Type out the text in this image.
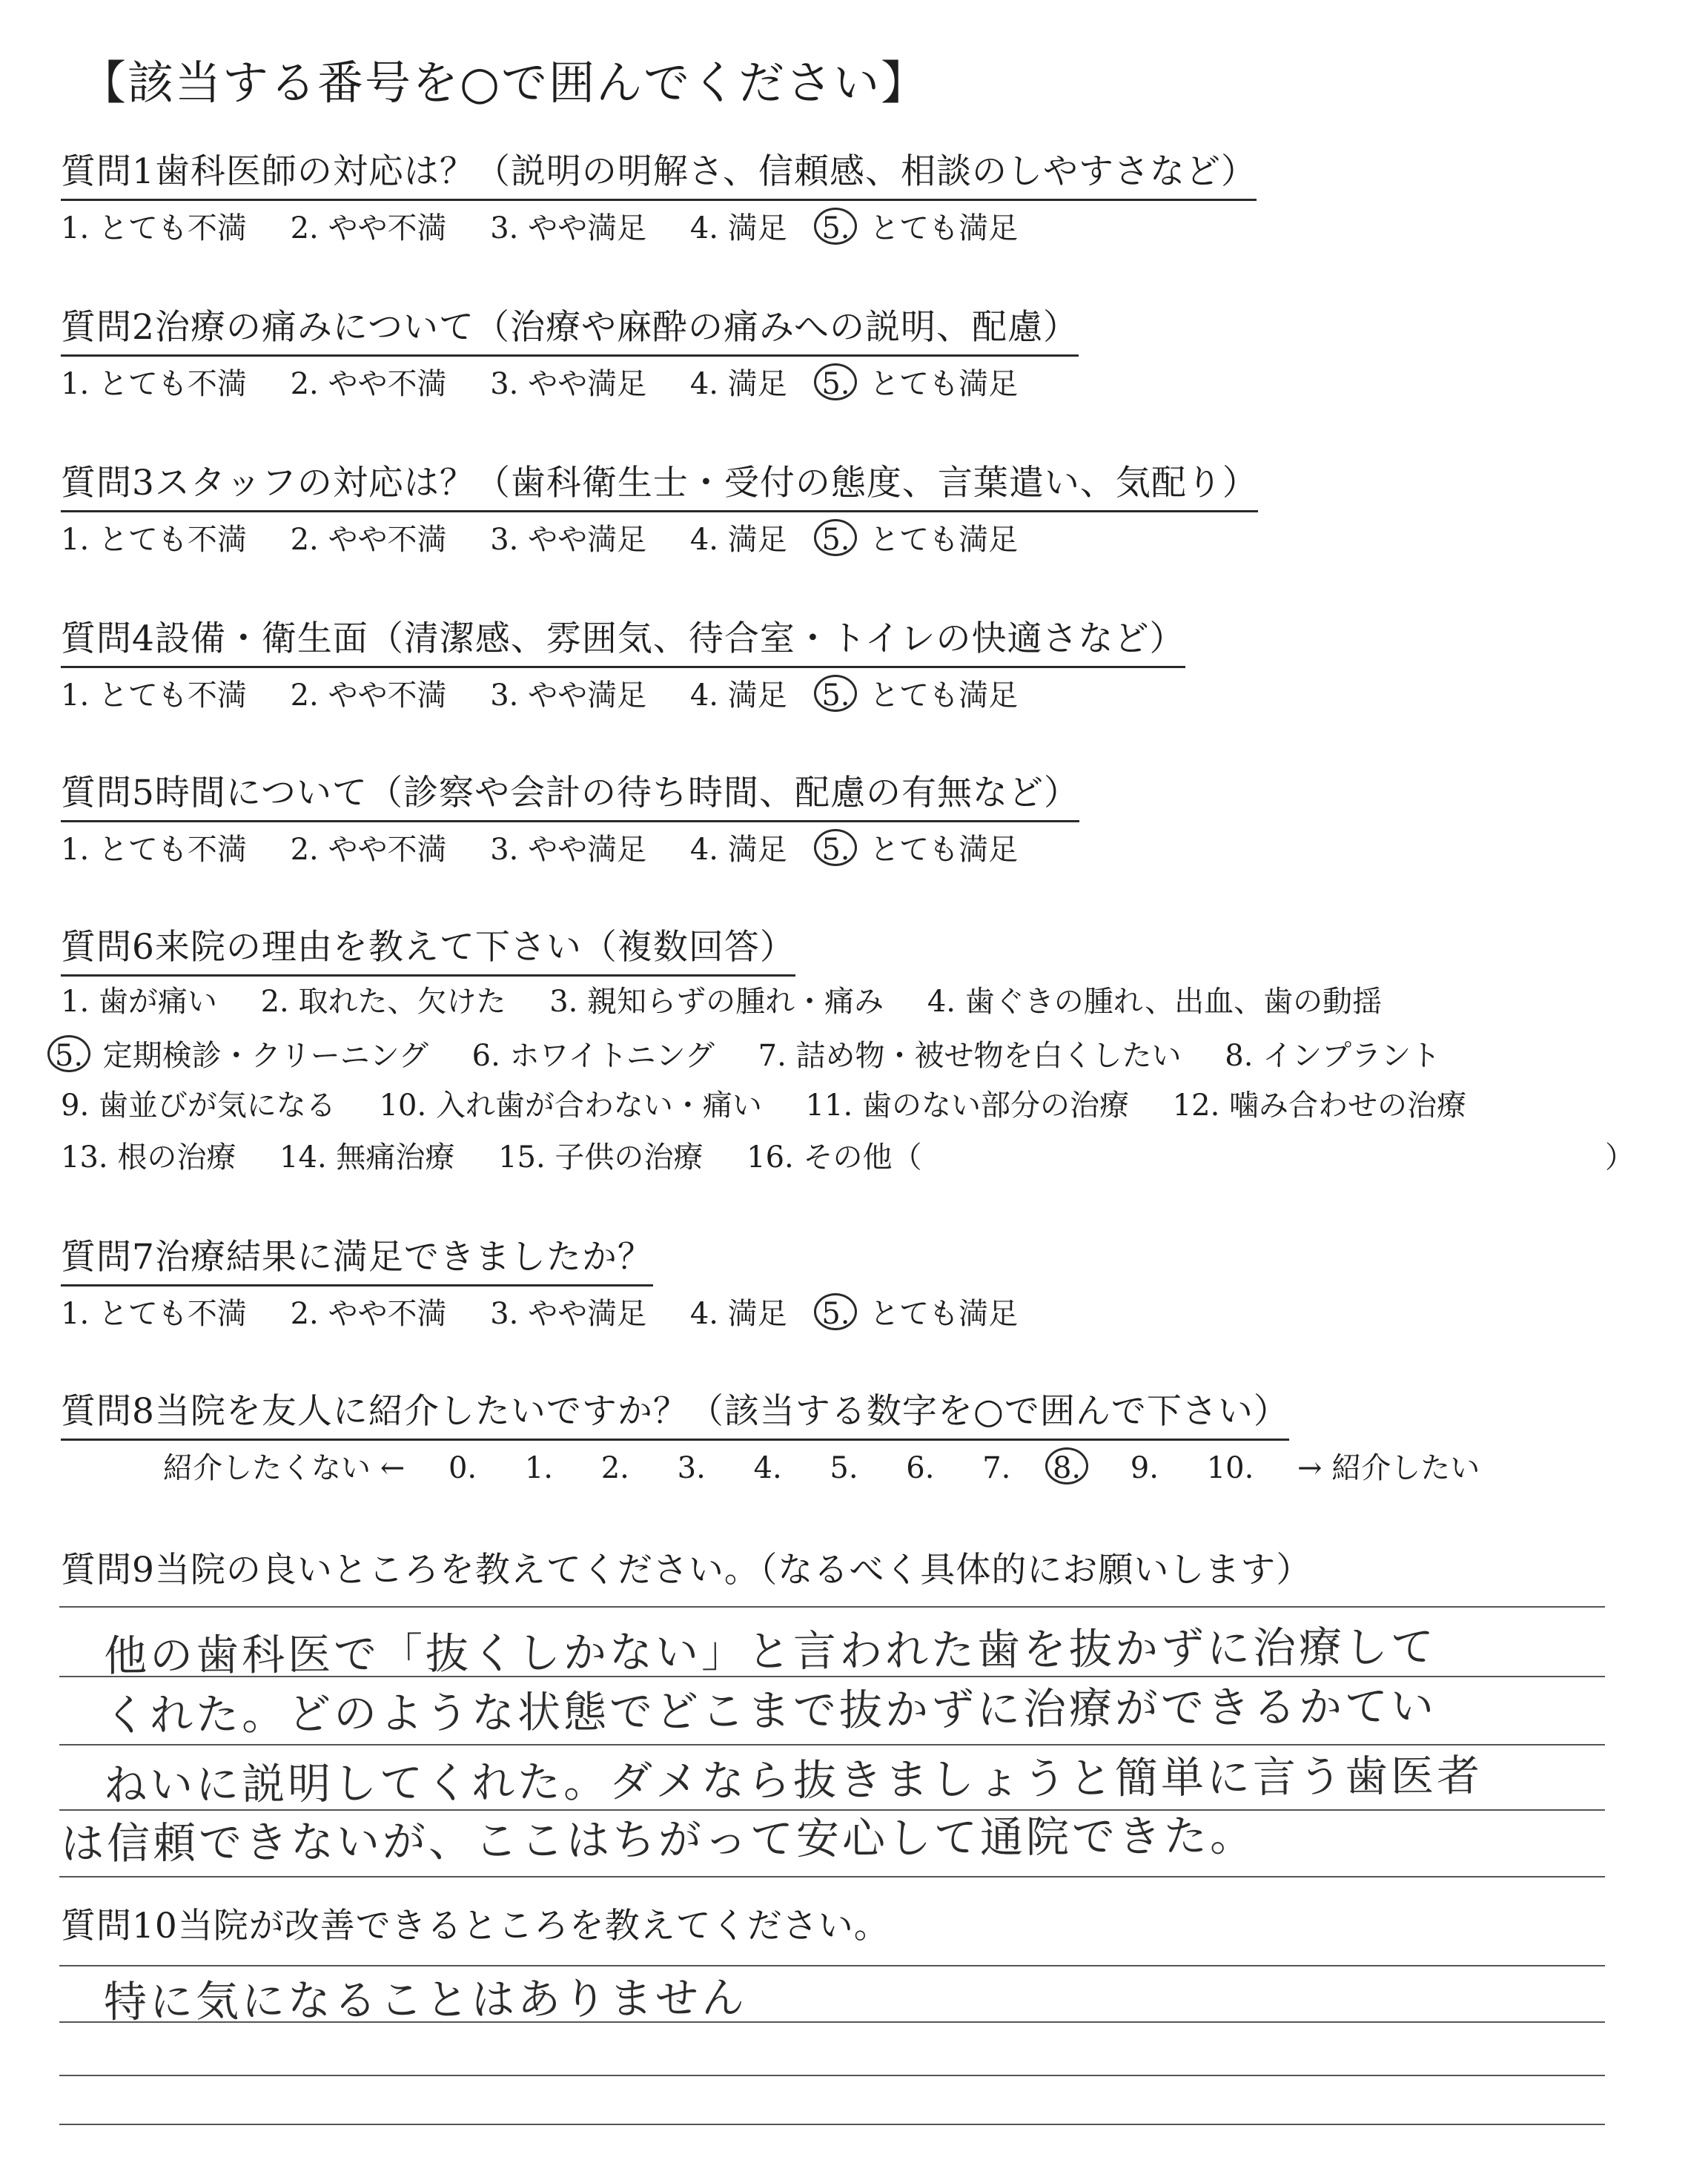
【該当する番号を○で囲んでください】
質問1歯科医師の対応は？（説明の明解さ、信頼感、相談のしやすさなど）
1. とても不満 2. やや不満 3. やや満足 4. 満足 5. とても満足
質問2治療の痛みについて（治療や麻酔の痛みへの説明、配慮）
1. とても不満 2. やや不満 3. やや満足 4. 満足 5. とても満足
質問3スタッフの対応は？（歯科衛生士・受付の態度、言葉遣い、気配り）
1. とても不満 2. やや不満 3. やや満足 4. 満足 5. とても満足
質問4設備・衛生面（清潔感、雰囲気、待合室・トイレの快適さなど）
1. とても不満 2. やや不満 3. やや満足 4. 満足 5. とても満足
質問5時間について（診察や会計の待ち時間、配慮の有無など）
1. とても不満 2. やや不満 3. やや満足 4. 満足 5. とても満足
質問6来院の理由を教えて下さい（複数回答）
1. 歯が痛い 2. 取れた、欠けた 3. 親知らずの腫れ・痛み 4. 歯ぐきの腫れ、出血、歯の動揺
5. 定期検診・クリーニング 6. ホワイトニング 7. 詰め物・被せ物を白くしたい 8. インプラント
9. 歯並びが気になる 10. 入れ歯が合わない・痛い 11. 歯のない部分の治療 12. 噛み合わせの治療
13. 根の治療 14. 無痛治療 15. 子供の治療 16. その他（	）
質問7治療結果に満足できましたか？
1. とても不満 2. やや不満 3. やや満足 4. 満足 5. とても満足
質問8当院を友人に紹介したいですか？（該当する数字を○で囲んで下さい）
紹介したくない ← 0. 1. 2. 3. 4. 5. 6. 7. 8. 9. 10. → 紹介したい
質問9当院の良いところを教えてください。（なるべく具体的にお願いします）
他の歯科医で「抜くしかない」と言われた歯を抜かずに治療して
くれた。どのような状態でどこまで抜かずに治療ができるかてい
ねいに説明してくれた。ダメなら抜きましょうと簡単に言う歯医者
は信頼できないが、ここはちがって安心して通院できた。
質問10当院が改善できるところを教えてください。
特に気になることはありません
